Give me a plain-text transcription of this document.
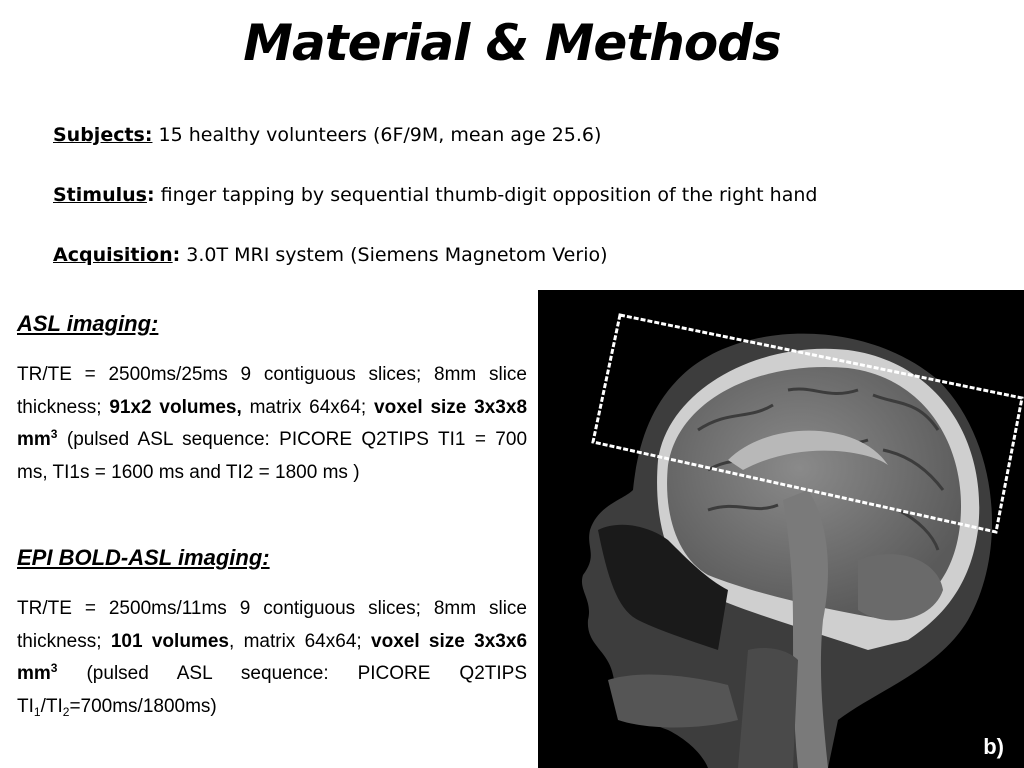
Material & Methods
Subjects: 15 healthy volunteers (6F/9M, mean age 25.6)
Stimulus: finger tapping by sequential thumb-digit opposition of the right hand
Acquisition: 3.0T MRI system (Siemens Magnetom Verio)
ASL imaging:
TR/TE = 2500ms/25ms 9 contiguous slices; 8mm slice thickness; 91x2 volumes, matrix 64x64; voxel size 3x3x8 $mm^3$ (pulsed ASL sequence: PICORE Q2TIPS TI1 = 700 ms, TI1s = 1600 ms and TI2 = 1800 ms )
EPI BOLD-ASL imaging:
TR/TE = 2500ms/11ms 9 contiguous slices; 8mm slice thickness; 101 volumes, matrix 64x64; voxel size 3x3x6 $mm^3$ (pulsed ASL sequence: PICORE Q2TIPS $TI_1/TI_2=700ms/1800ms$)
b)
